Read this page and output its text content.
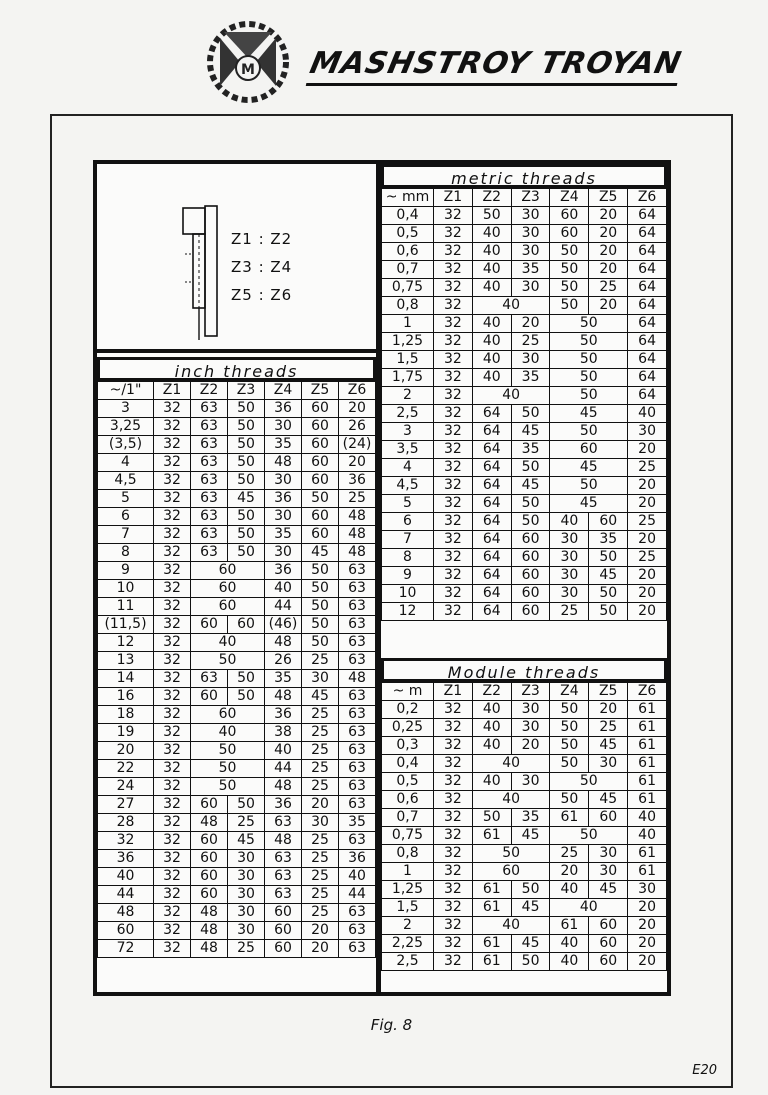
M MASHSTROY TROYAN
Fig. 8
E20
Z1 : Z2
Z3 : Z4
Z5 : Z6
inch threads
~/1"	Z1	Z2	Z3	Z4	Z5	Z6
3	32	63	50	36	60	20
3,25	32	63	50	30	60	26
(3,5)	32	63	50	35	60	(24)
4	32	63	50	48	60	20
4,5	32	63	50	30	60	36
5	32	63	45	36	50	25
6	32	63	50	30	60	48
7	32	63	50	35	60	48
8	32	63	50	30	45	48
9	32	60		36	50	63
10	32	60		40	50	63
11	32	60		44	50	63
(11,5)	32	60	60	(46)	50	63
12	32	40		48	50	63
13	32	50		26	25	63
14	32	63	50	35	30	48
16	32	60	50	48	45	63
18	32	60		36	25	63
19	32	40		38	25	63
20	32	50		40	25	63
22	32	50		44	25	63
24	32	50		48	25	63
27	32	60	50	36	20	63
28	32	48	25	63	30	35
32	32	60	45	48	25	63
36	32	60	30	63	25	36
40	32	60	30	63	25	40
44	32	60	30	63	25	44
48	32	48	30	60	25	63
60	32	48	30	60	20	63
72	32	48	25	60	20	63
metric threads
~ mm	Z1	Z2	Z3	Z4	Z5	Z6
0,4	32	50	30	60	20	64
0,5	32	40	30	60	20	64
0,6	32	40	30	50	20	64
0,7	32	40	35	50	20	64
0,75	32	40	30	50	25	64
0,8	32	40		50	20	64
1	32	40	20	50		64
1,25	32	40	25	50		64
1,5	32	40	30	50		64
1,75	32	40	35	50		64
2	32	40		50		64
2,5	32	64	50	45		40
3	32	64	45	50		30
3,5	32	64	35	60		20
4	32	64	50	45		25
4,5	32	64	45	50		20
5	32	64	50	45		20
6	32	64	50	40	60	25
7	32	64	60	30	35	20
8	32	64	60	30	50	25
9	32	64	60	30	45	20
10	32	64	60	30	50	20
12	32	64	60	25	50	20
Module threads
~ m	Z1	Z2	Z3	Z4	Z5	Z6
0,2	32	40	30	50	20	61
0,25	32	40	30	50	25	61
0,3	32	40	20	50	45	61
0,4	32	40		50	30	61
0,5	32	40	30	50		61
0,6	32	40		50	45	61
0,7	32	50	35	61	60	40
0,75	32	61	45	50		40
0,8	32	50		25	30	61
1	32	60		20	30	61
1,25	32	61	50	40	45	30
1,5	32	61	45	40		20
2	32	40		61	60	20
2,25	32	61	45	40	60	20
2,5	32	61	50	40	60	20
